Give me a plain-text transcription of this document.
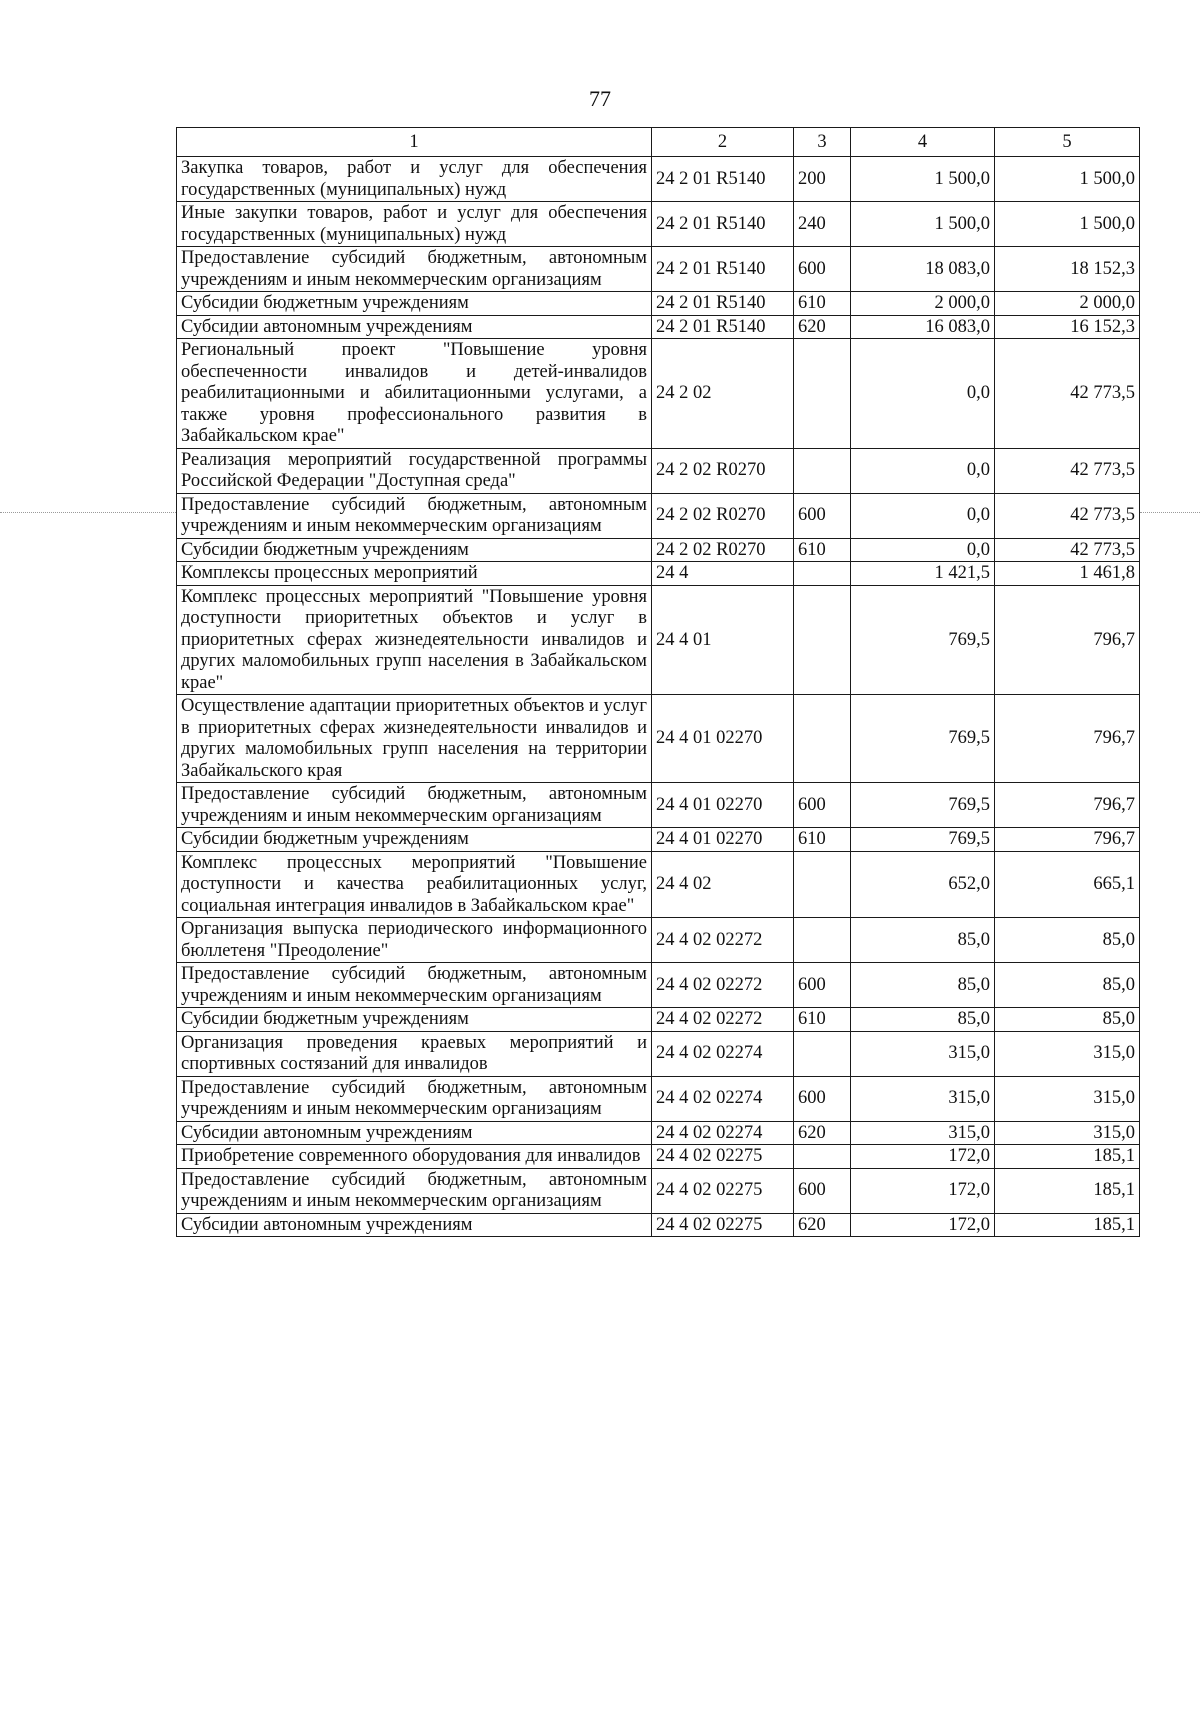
77
1	2	3	4	5
Закупка товаров, работ и услуг для обеспечения государственных (муниципальных) нужд	24 2 01 R5140	200	1 500,0	1 500,0
Иные закупки товаров, работ и услуг для обеспечения государственных (муниципальных) нужд	24 2 01 R5140	240	1 500,0	1 500,0
Предоставление субсидий бюджетным, автономным учреждениям и иным некоммерческим организациям	24 2 01 R5140	600	18 083,0	18 152,3
Субсидии бюджетным учреждениям	24 2 01 R5140	610	2 000,0	2 000,0
Субсидии автономным учреждениям	24 2 01 R5140	620	16 083,0	16 152,3
Региональный проект "Повышение уровня обеспеченности инвалидов и детей-инвалидов реабилитационными и абилитационными услугами, а также уровня профессионального развития в Забайкальском крае"	24 2 02		0,0	42 773,5
Реализация мероприятий государственной программы Российской Федерации "Доступная среда"	24 2 02 R0270		0,0	42 773,5
Предоставление субсидий бюджетным, автономным учреждениям и иным некоммерческим организациям	24 2 02 R0270	600	0,0	42 773,5
Субсидии бюджетным учреждениям	24 2 02 R0270	610	0,0	42 773,5
Комплексы процессных мероприятий	24 4		1 421,5	1 461,8
Комплекс процессных мероприятий "Повышение уровня доступности приоритетных объектов и услуг в приоритетных сферах жизнедеятельности инвалидов и других маломобильных групп населения в Забайкальском крае"	24 4 01		769,5	796,7
Осуществление адаптации приоритетных объектов и услуг в приоритетных сферах жизнедеятельности инвалидов и других маломобильных групп населения на территории Забайкальского края	24 4 01 02270		769,5	796,7
Предоставление субсидий бюджетным, автономным учреждениям и иным некоммерческим организациям	24 4 01 02270	600	769,5	796,7
Субсидии бюджетным учреждениям	24 4 01 02270	610	769,5	796,7
Комплекс процессных мероприятий "Повышение доступности и качества реабилитационных услуг, социальная интеграция инвалидов в Забайкальском крае"	24 4 02		652,0	665,1
Организация выпуска периодического информационного бюллетеня "Преодоление"	24 4 02 02272		85,0	85,0
Предоставление субсидий бюджетным, автономным учреждениям и иным некоммерческим организациям	24 4 02 02272	600	85,0	85,0
Субсидии бюджетным учреждениям	24 4 02 02272	610	85,0	85,0
Организация проведения краевых мероприятий и спортивных состязаний для инвалидов	24 4 02 02274		315,0	315,0
Предоставление субсидий бюджетным, автономным учреждениям и иным некоммерческим организациям	24 4 02 02274	600	315,0	315,0
Субсидии автономным учреждениям	24 4 02 02274	620	315,0	315,0
Приобретение современного оборудования для инвалидов	24 4 02 02275		172,0	185,1
Предоставление субсидий бюджетным, автономным учреждениям и иным некоммерческим организациям	24 4 02 02275	600	172,0	185,1
Субсидии автономным учреждениям	24 4 02 02275	620	172,0	185,1
